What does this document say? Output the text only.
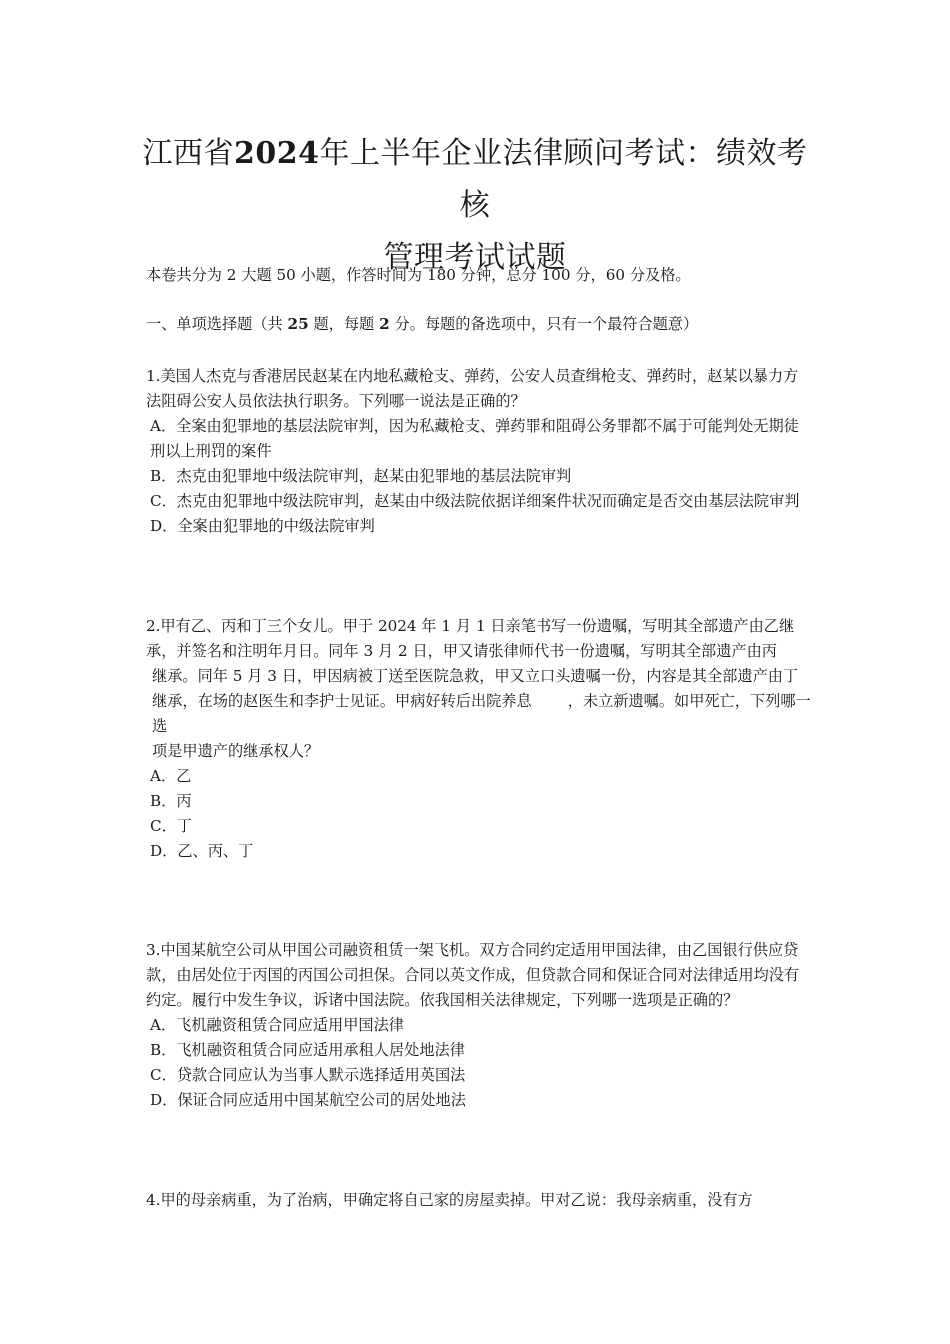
江西省2024年上半年企业法律顾问考试：绩效考核
管理考试试题

本卷共分为 2 大题 50 小题，作答时间为 180 分钟，总分 100 分，60 分及格。

一、单项选择题（共 25 题，每题 2 分。每题的备选项中，只有一个最符合题意）

1.美国人杰克与香港居民赵某在内地私藏枪支、弹药，公安人员查缉枪支、弹药时，赵某以暴力方法阻碍公安人员依法执行职务。下列哪一说法是正确的？

A．全案由犯罪地的基层法院审判，因为私藏枪支、弹药罪和阻碍公务罪都不属于可能判处无期徒刑以上刑罚的案件

B．杰克由犯罪地中级法院审判，赵某由犯罪地的基层法院审判

C．杰克由犯罪地中级法院审判，赵某由中级法院依据详细案件状况而确定是否交由基层法院审判

D．全案由犯罪地的中级法院审判

2.甲有乙、丙和丁三个女儿。甲于 2024 年 1 月 1 日亲笔书写一份遗嘱，写明其全部遗产由乙继承，并签名和注明年月日。同年 3 月 2 日，甲又请张律师代书一份遗嘱，写明其全部遗产由丙

继承。同年 5 月 3 日，甲因病被丁送至医院急救，甲又立口头遗嘱一份，内容是其全部遗产由丁继承，在场的赵医生和李护士见证。甲病好转后出院养息 ，未立新遗嘱。如甲死亡，下列哪一选

项是甲遗产的继承权人？

A．乙

B．丙

C．丁

D．乙、丙、丁

3.中国某航空公司从甲国公司融资租赁一架飞机。双方合同约定适用甲国法律，由乙国银行供应贷款，由居处位于丙国的丙国公司担保。合同以英文作成，但贷款合同和保证合同对法律适用均没有约定。履行中发生争议，诉诸中国法院。依我国相关法律规定，下列哪一选项是正确的？

A．飞机融资租赁合同应适用甲国法律

B．飞机融资租赁合同应适用承租人居处地法律

C．贷款合同应认为当事人默示选择适用英国法

D．保证合同应适用中国某航空公司的居处地法

4.甲的母亲病重，为了治病，甲确定将自己家的房屋卖掉。甲对乙说：我母亲病重，没有方
